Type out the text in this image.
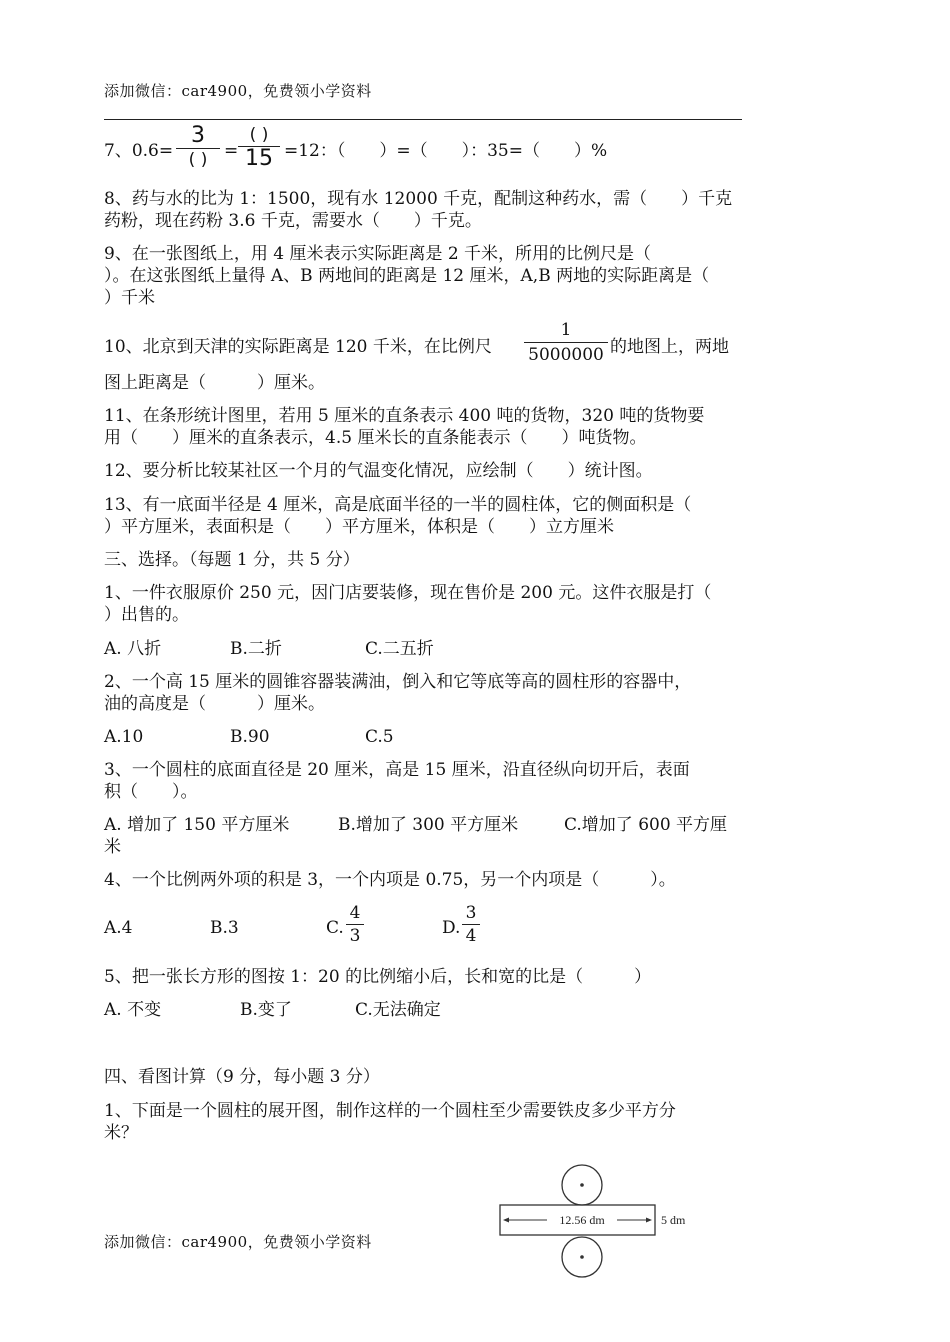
添加微信：car4900，免费领小学资料
7、0.6=
3
( ) =
( )
15 =12：（　　）=（　　）：35=（　　）%
8、药与水的比为 1：1500，现有水 12000 千克，配制这种药水，需（　　）千克
药粉，现在药粉 3.6 千克，需要水（　　）千克。
9、在一张图纸上，用 4 厘米表示实际距离是 2 千米，所用的比例尺是（
）。在这张图纸上量得 A、B 两地间的距离是 12 厘米，A,B 两地的实际距离是（
）千米
10、北京到天津的实际距离是 120 千米，在比例尺
1
5000000 的地图上，两地
图上距离是（　　　）厘米。
11、在条形统计图里，若用 5 厘米的直条表示 400 吨的货物，320 吨的货物要
用（　　）厘米的直条表示，4.5 厘米长的直条能表示（　　）吨货物。
12、要分析比较某社区一个月的气温变化情况，应绘制（　　）统计图。
13、有一底面半径是 4 厘米，高是底面半径的一半的圆柱体，它的侧面积是（
）平方厘米，表面积是（　　）平方厘米，体积是（　　）立方厘米
三、选择。（每题 1 分，共 5 分）
1、一件衣服原价 250 元，因门店要装修，现在售价是 200 元。这件衣服是打（
）出售的。
A. 八折	B.二折	C.二五折
2、一个高 15 厘米的圆锥容器装满油，倒入和它等底等高的圆柱形的容器中，
油的高度是（　　　）厘米。
A.10	B.90	C.5
3、一个圆柱的底面直径是 20 厘米，高是 15 厘米，沿直径纵向切开后，表面
积（　　）。
A. 增加了 150 平方厘米	B.增加了 300 平方厘米	C.增加了 600 平方厘
米
4、一个比例两外项的积是 3，一个内项是 0.75，另一个内项是（　　　）。
A.4	B.3	C.
4
3	D.
3
4
5、把一张长方形的图按 1：20 的比例缩小后，长和宽的比是（　　　）
A. 不变	B.变了	C.无法确定
四、看图计算（9 分，每小题 3 分）
1、下面是一个圆柱的展开图，制作这样的一个圆柱至少需要铁皮多少平方分
米？
12.56 dm	5 dm
添加微信：car4900，免费领小学资料
